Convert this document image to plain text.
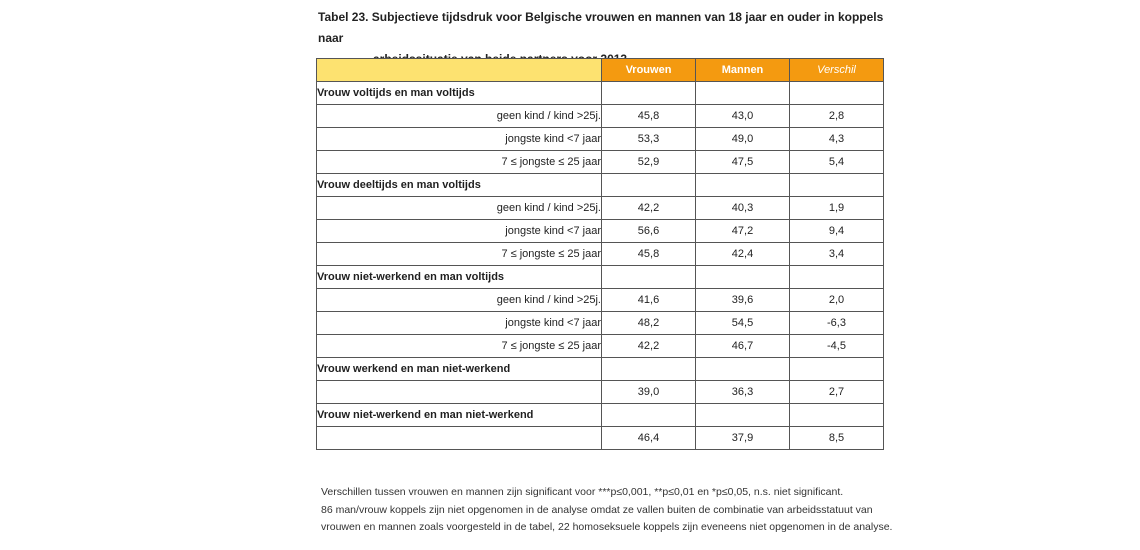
Tabel 23. Subjectieve tijdsdruk voor Belgische vrouwen en mannen van 18 jaar en ouder in koppels naar
	Vrouwen	Mannen	Verschil
Vrouw voltijds en man voltijds			
geen kind / kind >25j.	45,8	43,0	2,8
jongste kind <7 jaar	53,3	49,0	4,3
7 ≤ jongste ≤ 25 jaar	52,9	47,5	5,4
Vrouw deeltijds en man voltijds			
geen kind / kind >25j.	42,2	40,3	1,9
jongste kind <7 jaar	56,6	47,2	9,4
7 ≤ jongste ≤ 25 jaar	45,8	42,4	3,4
Vrouw niet-werkend en man voltijds			
geen kind / kind >25j.	41,6	39,6	2,0
jongste kind <7 jaar	48,2	54,5	-6,3
7 ≤ jongste ≤ 25 jaar	42,2	46,7	-4,5
Vrouw werkend en man niet-werkend			
	39,0	36,3	2,7
Vrouw niet-werkend en man niet-werkend			
	46,4	37,9	8,5
Verschillen tussen vrouwen en mannen zijn significant voor ***p≤0,001, **p≤0,01 en *p≤0,05, n.s. niet significant.
86 man/vrouw koppels zijn niet opgenomen in de analyse omdat ze vallen buiten de combinatie van arbeidsstatuut van
vrouwen en mannen zoals voorgesteld in de tabel, 22 homoseksuele koppels zijn eveneens niet opgenomen in de analyse.
